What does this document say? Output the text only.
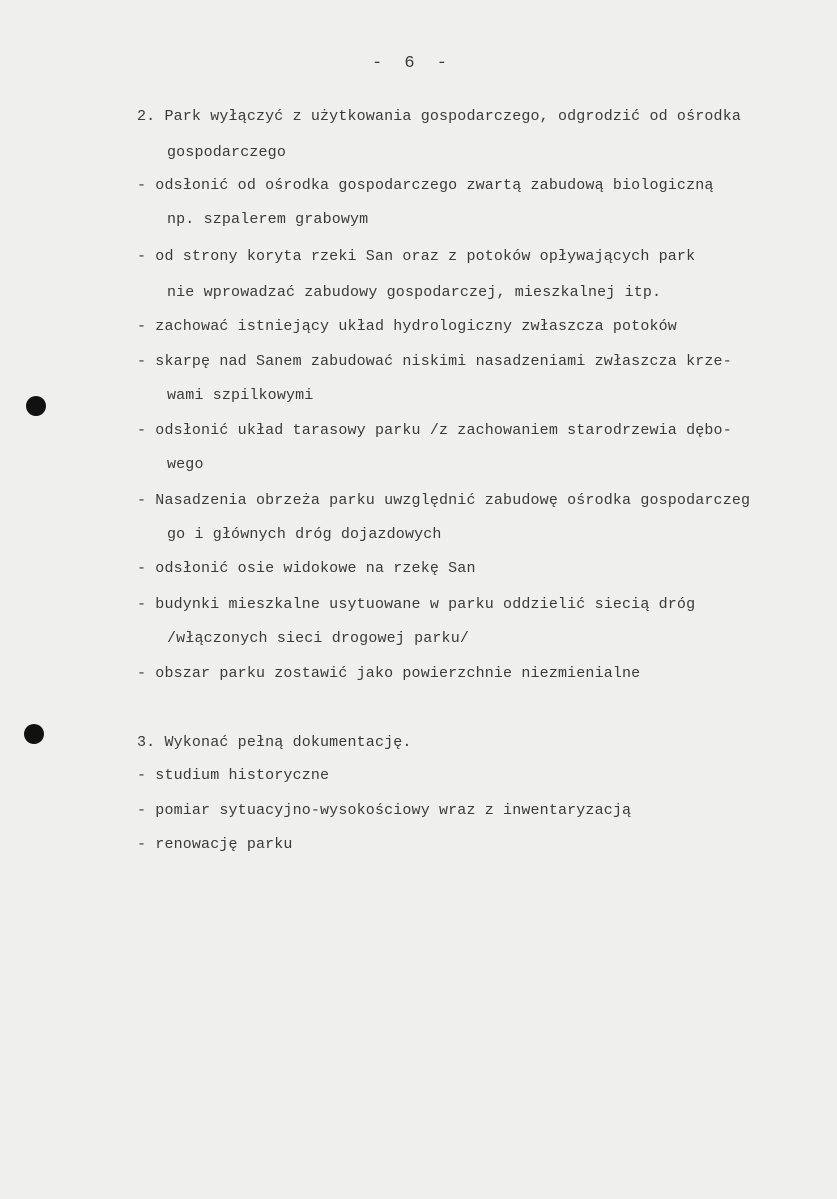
- 6 -
2. Park wyłączyć z użytkowania gospodarczego, odgrodzić od ośrodka
gospodarczego
- odsłonić od ośrodka gospodarczego zwartą zabudową biologiczną
np. szpalerem grabowym
- od strony koryta rzeki San oraz z potoków opływających park
nie wprowadzać zabudowy gospodarczej, mieszkalnej itp.
- zachować istniejący układ hydrologiczny zwłaszcza potoków
- skarpę nad Sanem zabudować niskimi nasadzeniami zwłaszcza krze-
wami szpilkowymi
- odsłonić układ tarasowy parku /z zachowaniem starodrzewia dębo-
wego
- Nasadzenia obrzeża parku uwzględnić zabudowę ośrodka gospodarczeg
go i głównych dróg dojazdowych
- odsłonić osie widokowe na rzekę San
- budynki mieszkalne usytuowane w parku oddzielić siecią dróg
/włączonych sieci drogowej parku/
- obszar parku zostawić jako powierzchnie niezmienialne
3. Wykonać pełną dokumentację.
- studium historyczne
- pomiar sytuacyjno-wysokościowy wraz z inwentaryzacją
- renowację parku
